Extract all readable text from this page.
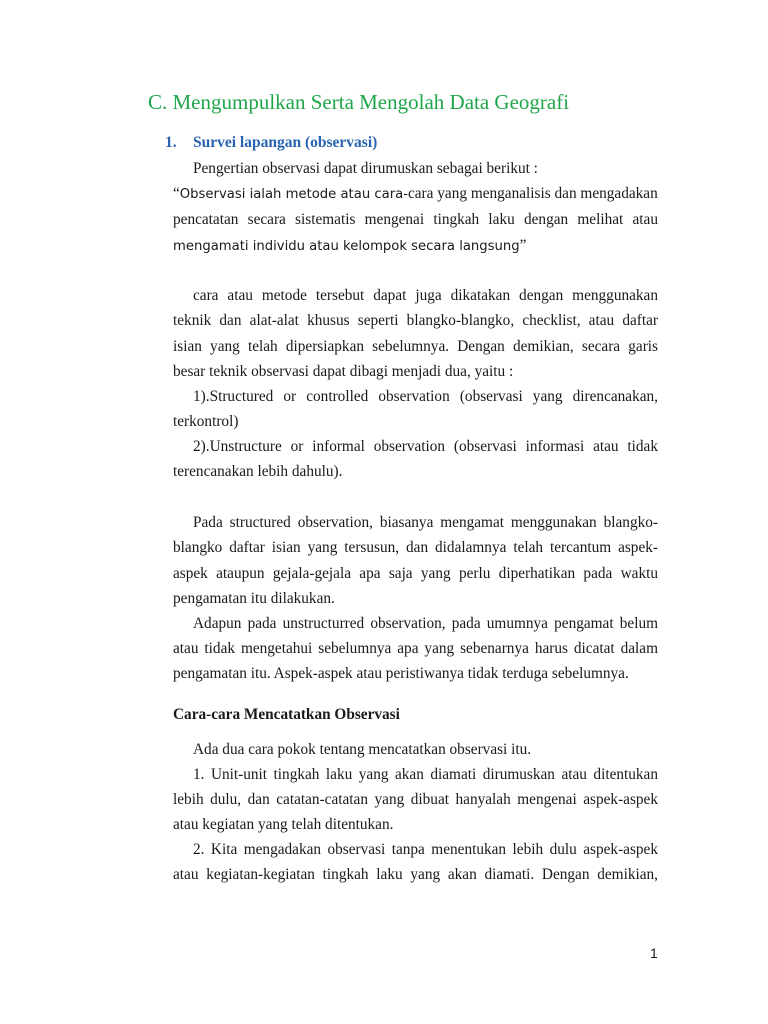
C. Mengumpulkan Serta Mengolah Data Geografi
1. Survei lapangan (observasi)

Pengertian observasi dapat dirumuskan sebagai berikut :

“Observasi ialah metode atau cara-cara yang menganalisis dan mengadakan

pencatatan secara sistematis mengenai tingkah laku dengan melihat atau

mengamati individu atau kelompok secara langsung”

cara atau metode tersebut dapat juga dikatakan dengan menggunakan

teknik dan alat-alat khusus seperti blangko-blangko, checklist, atau daftar

isian yang telah dipersiapkan sebelumnya. Dengan demikian, secara garis

besar teknik observasi dapat dibagi menjadi dua, yaitu :

1).Structured or controlled observation (observasi yang direncanakan,

terkontrol)

2).Unstructure or informal observation (observasi informasi atau tidak

terencanakan lebih dahulu).

Pada structured observation, biasanya mengamat menggunakan blangko-

blangko daftar isian yang tersusun, dan didalamnya telah tercantum aspek-

aspek ataupun gejala-gejala apa saja yang perlu diperhatikan pada waktu

pengamatan itu dilakukan.

Adapun pada unstructurred observation, pada umumnya pengamat belum

atau tidak mengetahui sebelumnya apa yang sebenarnya harus dicatat dalam

pengamatan itu. Aspek-aspek atau peristiwanya tidak terduga sebelumnya.

Cara-cara Mencatatkan Observasi

Ada dua cara pokok tentang mencatatkan observasi itu.

1. Unit-unit tingkah laku yang akan diamati dirumuskan atau ditentukan

lebih dulu, dan catatan-catatan yang dibuat hanyalah mengenai aspek-aspek

atau kegiatan yang telah ditentukan.

2. Kita mengadakan observasi tanpa menentukan lebih dulu aspek-aspek

atau kegiatan-kegiatan tingkah laku yang akan diamati. Dengan demikian,

1
